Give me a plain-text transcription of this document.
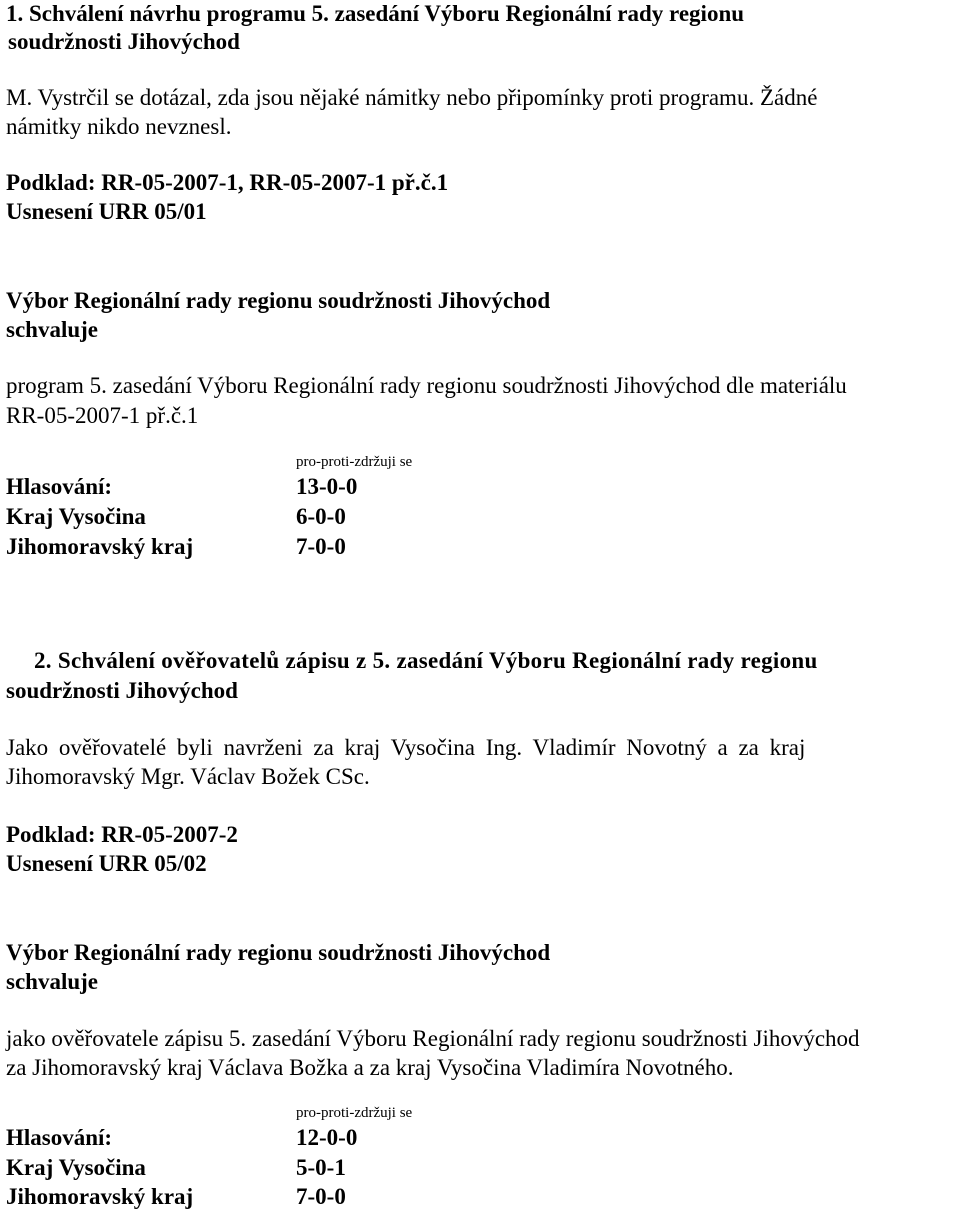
1. Schválení návrhu programu 5. zasedání Výboru Regionální rady regionu

soudržnosti Jihovýchod

M. Vystrčil se dotázal, zda jsou nějaké námitky nebo připomínky proti programu. Žádné

námitky nikdo nevznesl.

Podklad: RR-05-2007-1, RR-05-2007-1 př.č.1

Usnesení URR 05/01

Výbor Regionální rady regionu soudržnosti Jihovýchod

schvaluje

program 5. zasedání Výboru Regionální rady regionu soudržnosti Jihovýchod dle materiálu

RR-05-2007-1 př.č.1

pro-proti-zdržuji se
Hlasování:	13-0-0
Kraj Vysočina	6-0-0
Jihomoravský kraj	7-0-0

2. Schválení ověřovatelů zápisu z 5. zasedání Výboru Regionální rady regionu

soudržnosti Jihovýchod

Jako ověřovatelé byli navrženi za kraj Vysočina Ing. Vladimír Novotný a za kraj

Jihomoravský Mgr. Václav Božek CSc.

Podklad: RR-05-2007-2

Usnesení URR 05/02

Výbor Regionální rady regionu soudržnosti Jihovýchod

schvaluje

jako ověřovatele zápisu 5. zasedání Výboru Regionální rady regionu soudržnosti Jihovýchod

za Jihomoravský kraj Václava Božka a za kraj Vysočina Vladimíra Novotného.

pro-proti-zdržuji se
Hlasování:	12-0-0
Kraj Vysočina	5-0-1
Jihomoravský kraj	7-0-0
